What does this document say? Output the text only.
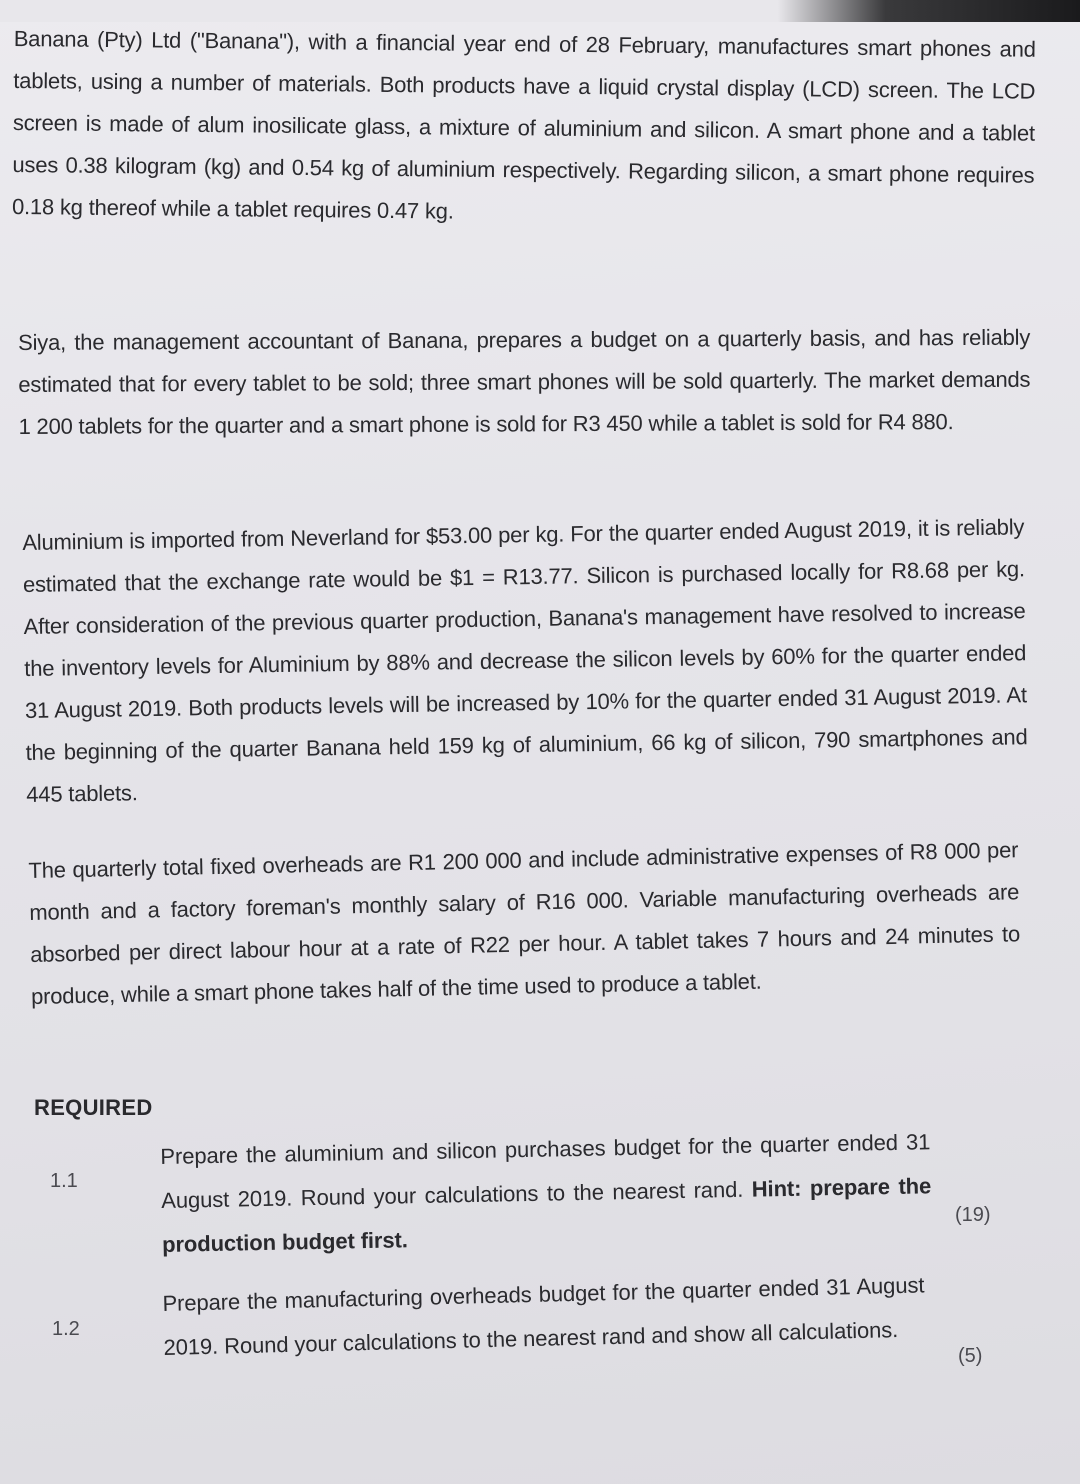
Banana (Pty) Ltd ("Banana"), with a financial year end of 28 February, manufactures smart phones and tablets, using a number of materials. Both products have a liquid crystal display (LCD) screen. The LCD screen is made of alum inosilicate glass, a mixture of aluminium and silicon. A smart phone and a tablet uses 0.38 kilogram (kg) and 0.54 kg of aluminium respectively. Regarding silicon, a smart phone requires 0.18 kg thereof while a tablet requires 0.47 kg.

Siya, the management accountant of Banana, prepares a budget on a quarterly basis, and has reliably estimated that for every tablet to be sold; three smart phones will be sold quarterly. The market demands 1 200 tablets for the quarter and a smart phone is sold for R3 450 while a tablet is sold for R4 880.

Aluminium is imported from Neverland for $53.00 per kg. For the quarter ended August 2019, it is reliably estimated that the exchange rate would be $1 = R13.77. Silicon is purchased locally for R8.68 per kg. After consideration of the previous quarter production, Banana's management have resolved to increase the inventory levels for Aluminium by 88% and decrease the silicon levels by 60% for the quarter ended 31 August 2019. Both products levels will be increased by 10% for the quarter ended 31 August 2019. At the beginning of the quarter Banana held 159 kg of aluminium, 66 kg of silicon, 790 smartphones and 445 tablets.

The quarterly total fixed overheads are R1 200 000 and include administrative expenses of R8 000 per month and a factory foreman's monthly salary of R16 000. Variable manufacturing overheads are absorbed per direct labour hour at a rate of R22 per hour. A tablet takes 7 hours and 24 minutes to produce, while a smart phone takes half of the time used to produce a tablet.

REQUIRED
1.1

Prepare the aluminium and silicon purchases budget for the quarter ended 31 August 2019. Round your calculations to the nearest rand. Hint: prepare the production budget first.

(19)
1.2

Prepare the manufacturing overheads budget for the quarter ended 31 August 2019. Round your calculations to the nearest rand and show all calculations.	(5)
